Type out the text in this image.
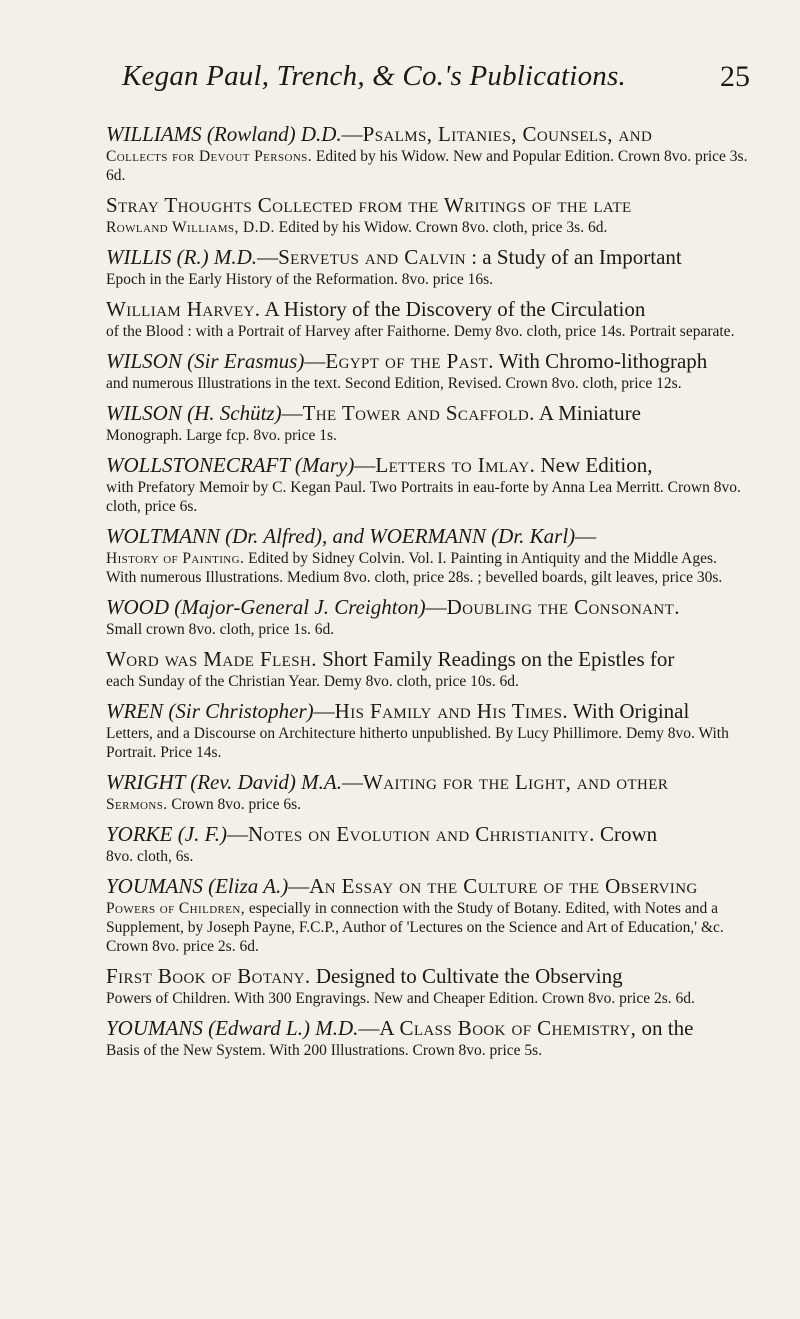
Kegan Paul, Trench, & Co.'s Publications.	25
WILLIAMS (Rowland) D.D.—Psalms, Litanies, Counsels, and
Collects for Devout Persons. Edited by his Widow. New and Popular Edition. Crown 8vo. price 3s. 6d.
Stray Thoughts Collected from the Writings of the late
Rowland Williams, D.D. Edited by his Widow. Crown 8vo. cloth, price 3s. 6d.
WILLIS (R.) M.D.—Servetus and Calvin : a Study of an Important
Epoch in the Early History of the Reformation. 8vo. price 16s.
William Harvey. A History of the Discovery of the Circulation
of the Blood : with a Portrait of Harvey after Faithorne. Demy 8vo. cloth, price 14s. Portrait separate.
WILSON (Sir Erasmus)—Egypt of the Past. With Chromo-lithograph
and numerous Illustrations in the text. Second Edition, Revised. Crown 8vo. cloth, price 12s.
WILSON (H. Schütz)—The Tower and Scaffold. A Miniature
Monograph. Large fcp. 8vo. price 1s.
WOLLSTONECRAFT (Mary)—Letters to Imlay. New Edition,
with Prefatory Memoir by C. Kegan Paul. Two Portraits in eau-forte by Anna Lea Merritt. Crown 8vo. cloth, price 6s.
WOLTMANN (Dr. Alfred), and WOERMANN (Dr. Karl)—
History of Painting. Edited by Sidney Colvin. Vol. I. Painting in Antiquity and the Middle Ages. With numerous Illustrations. Medium 8vo. cloth, price 28s. ; bevelled boards, gilt leaves, price 30s.
WOOD (Major-General J. Creighton)—Doubling the Consonant.
Small crown 8vo. cloth, price 1s. 6d.
Word was Made Flesh. Short Family Readings on the Epistles for
each Sunday of the Christian Year. Demy 8vo. cloth, price 10s. 6d.
WREN (Sir Christopher)—His Family and His Times. With Original
Letters, and a Discourse on Architecture hitherto unpublished. By Lucy Phillimore. Demy 8vo. With Portrait. Price 14s.
WRIGHT (Rev. David) M.A.—Waiting for the Light, and other
Sermons. Crown 8vo. price 6s.
YORKE (J. F.)—Notes on Evolution and Christianity. Crown
8vo. cloth, 6s.
YOUMANS (Eliza A.)—An Essay on the Culture of the Observing
Powers of Children, especially in connection with the Study of Botany. Edited, with Notes and a Supplement, by Joseph Payne, F.C.P., Author of 'Lectures on the Science and Art of Education,' &c. Crown 8vo. price 2s. 6d.
First Book of Botany. Designed to Cultivate the Observing
Powers of Children. With 300 Engravings. New and Cheaper Edition. Crown 8vo. price 2s. 6d.
YOUMANS (Edward L.) M.D.—A Class Book of Chemistry, on the
Basis of the New System. With 200 Illustrations. Crown 8vo. price 5s.
